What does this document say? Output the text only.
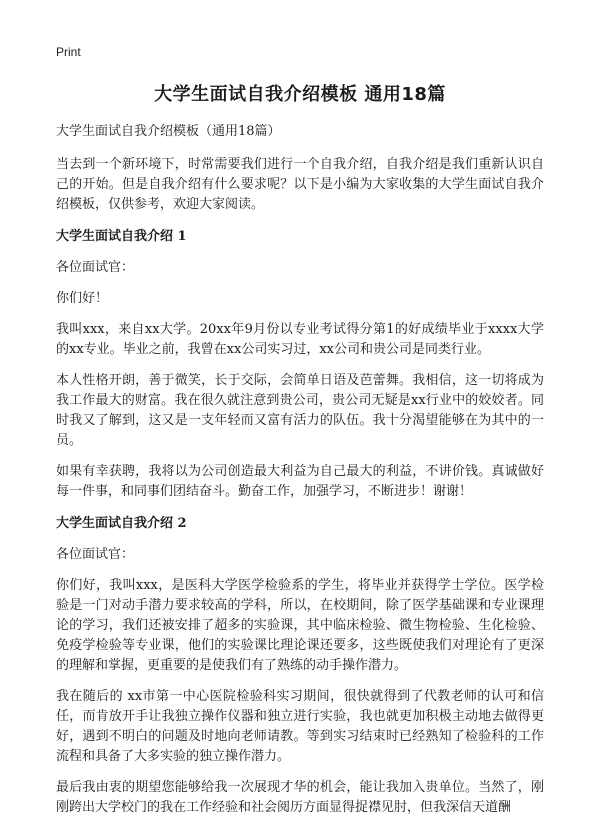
Print
大学生面试自我介绍模板 通用18篇
大学生面试自我介绍模板（通用18篇）

当去到一个新环境下，时常需要我们进行一个自我介绍，自我介绍是我们重新认识自己的开始。但是自我介绍有什么要求呢？以下是小编为大家收集的大学生面试自我介绍模板，仅供参考，欢迎大家阅读。

大学生面试自我介绍 1

各位面试官：

你们好！

我叫xxx，来自xx大学。20xx年9月份以专业考试得分第1的好成绩毕业于xxxx大学的xx专业。毕业之前，我曾在xx公司实习过，xx公司和贵公司是同类行业。

本人性格开朗，善于微笑，长于交际，会简单日语及芭蕾舞。我相信，这一切将成为我工作最大的财富。我在很久就注意到贵公司，贵公司无疑是xx行业中的姣姣者。同时我又了解到，这又是一支年轻而又富有活力的队伍。我十分渴望能够在为其中的一员。

如果有幸获聘，我将以为公司创造最大利益为自己最大的利益，不讲价钱。真诚做好每一件事，和同事们团结奋斗。勤奋工作，加强学习，不断进步！谢谢！

大学生面试自我介绍 2

各位面试官：

你们好，我叫xxx，是医科大学医学检验系的学生，将毕业并获得学士学位。医学检验是一门对动手潜力要求较高的学科，所以，在校期间，除了医学基础课和专业课理论的学习，我们还被安排了超多的实验课，其中临床检验、微生物检验、生化检验、免疫学检验等专业课，他们的实验课比理论课还要多，这些既使我们对理论有了更深的理解和掌握，更重要的是使我们有了熟练的动手操作潜力。

我在随后的 xx市第一中心医院检验科实习期间，很快就得到了代教老师的认可和信任，而肯放开手让我独立操作仪器和独立进行实验，我也就更加积极主动地去做得更好，遇到不明白的问题及时地向老师请教。等到实习结束时已经熟知了检验科的工作流程和具备了大多实验的独立操作潜力。

最后我由衷的期望您能够给我一次展现才华的机会，能让我加入贵单位。当然了，刚刚跨出大学校门的我在工作经验和社会阅历方面显得捉襟见肘，但我深信天道酬
